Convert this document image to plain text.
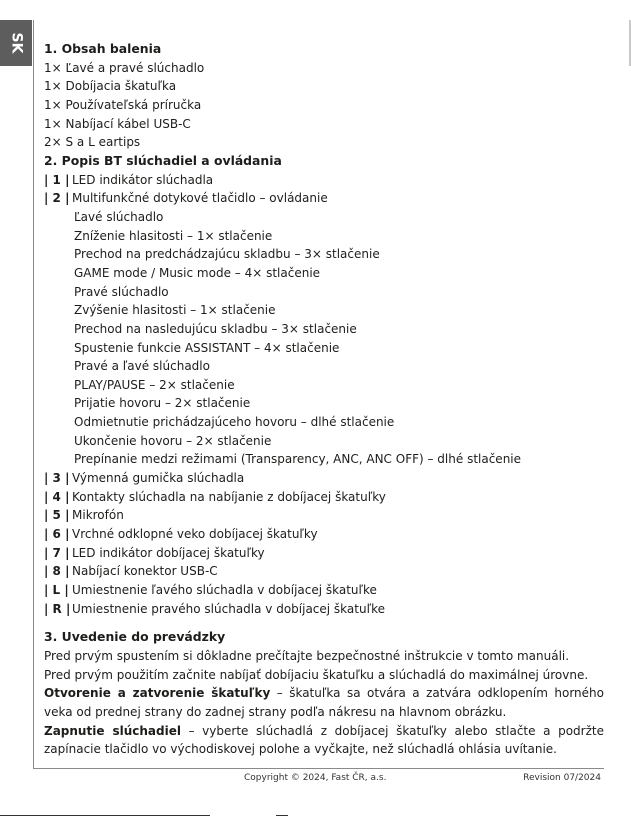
SK 1. Obsah balenia
1× Ľavé a pravé slúchadlo
1× Dobíjacia škatuľka
1× Používateľská príručka
1× Nabíjací kábel USB-C
2× S a L eartips
2. Popis BT slúchadiel a ovládania
| 1 | LED indikátor slúchadla
| 2 | Multifunkčné dotykové tlačidlo – ovládanie
Ľavé slúchadlo
Zníženie hlasitosti – 1× stlačenie
Prechod na predchádzajúcu skladbu – 3× stlačenie
GAME mode / Music mode – 4× stlačenie
Pravé slúchadlo
Zvýšenie hlasitosti – 1× stlačenie
Prechod na nasledujúcu skladbu – 3× stlačenie
Spustenie funkcie ASSISTANT – 4× stlačenie
Pravé a ľavé slúchadlo
PLAY/PAUSE – 2× stlačenie
Prijatie hovoru – 2× stlačenie
Odmietnutie prichádzajúceho hovoru – dlhé stlačenie
Ukončenie hovoru – 2× stlačenie
Prepínanie medzi režimami (Transparency, ANC, ANC OFF) – dlhé stlačenie
| 3 | Výmenná gumička slúchadla
| 4 | Kontakty slúchadla na nabíjanie z dobíjacej škatuľky
| 5 | Mikrofón
| 6 | Vrchné odklopné veko dobíjacej škatuľky
| 7 | LED indikátor dobíjacej škatuľky
| 8 | Nabíjací konektor USB-C
| L | Umiestnenie ľavého slúchadla v dobíjacej škatuľke
| R | Umiestnenie pravého slúchadla v dobíjacej škatuľke
3. Uvedenie do prevádzky
Pred prvým spustením si dôkladne prečítajte bezpečnostné inštrukcie v tomto manuáli.
Pred prvým použitím začnite nabíjať dobíjaciu škatuľku a slúchadlá do maximálnej úrovne.
Otvorenie a zatvorenie škatuľky – škatuľka sa otvára a zatvára odklopením horného veka od prednej strany do zadnej strany podľa nákresu na hlavnom obrázku.
Zapnutie slúchadiel – vyberte slúchadlá z dobíjacej škatuľky alebo stlačte a podržte zapínacie tlačidlo vo východiskovej polohe a vyčkajte, než slúchadlá ohlásia uvítanie.
Copyright © 2024, Fast ČR, a.s.	Revision 07/2024
